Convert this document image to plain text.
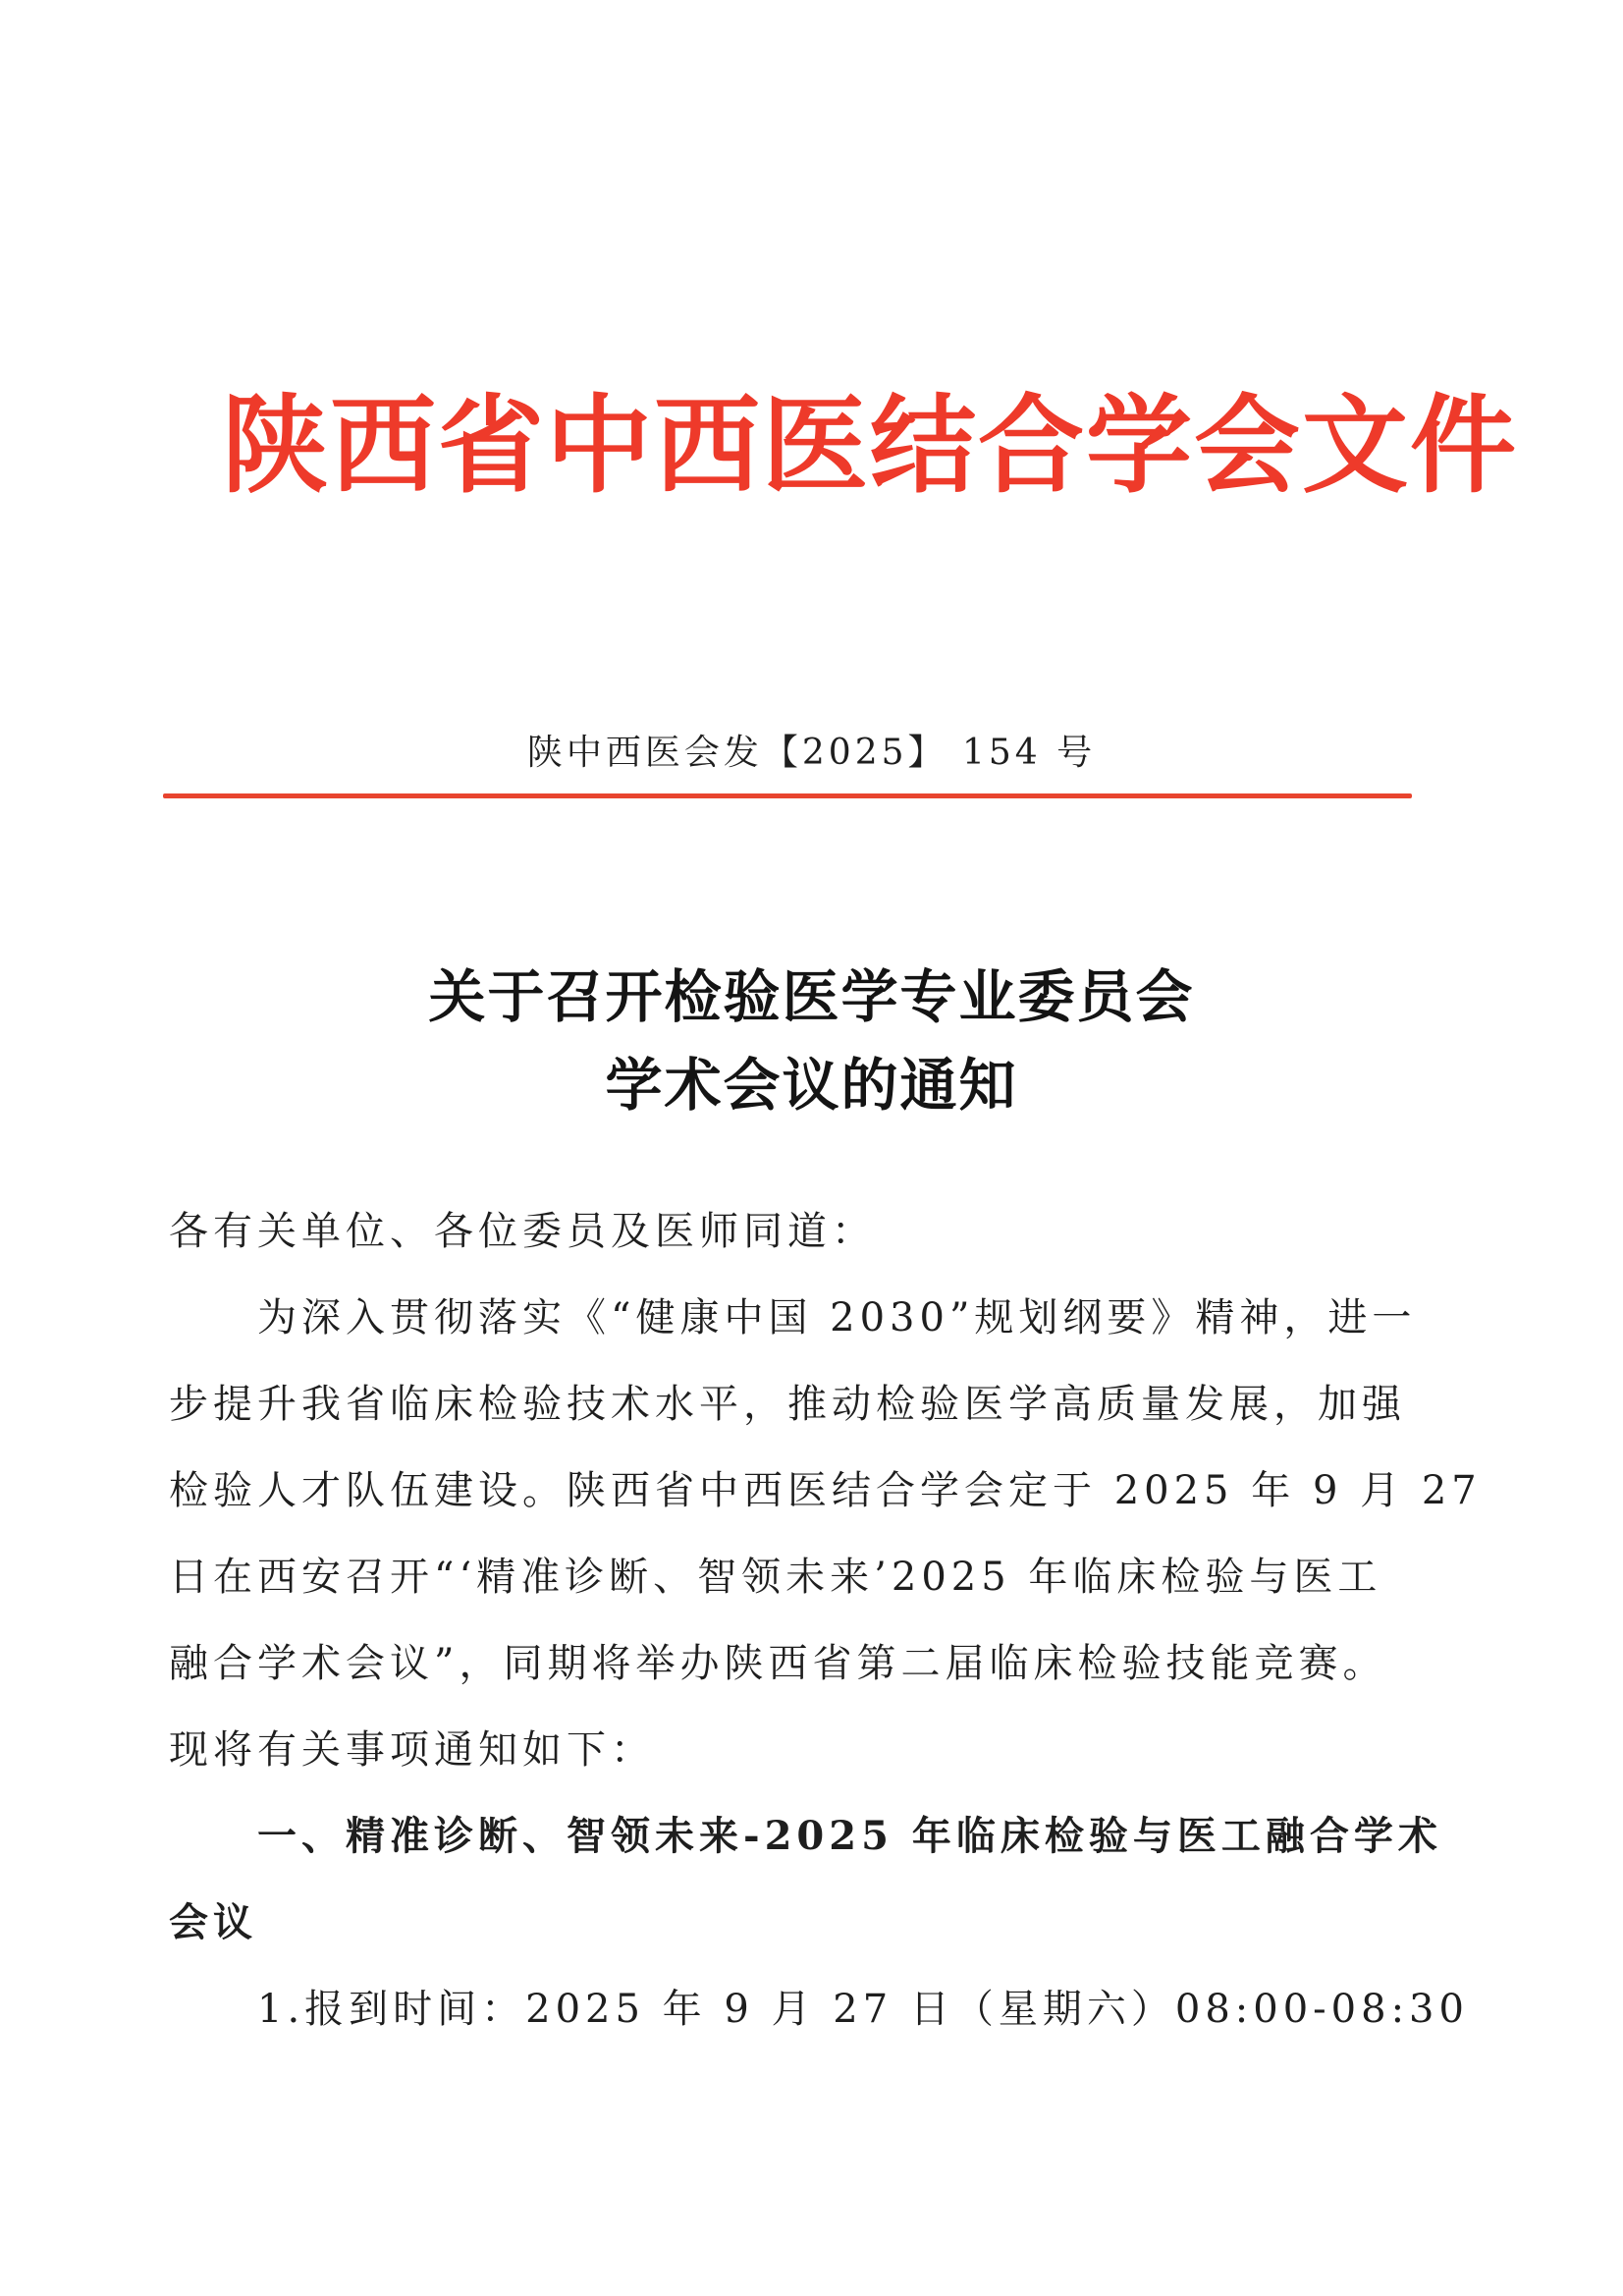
陕西省中西医结合学会文件
陕中西医会发【2025】 154 号
关于召开检验医学专业委员会
学术会议的通知
各有关单位、各位委员及医师同道：
为深入贯彻落实《“健康中国 2030”规划纲要》精神，进一
步提升我省临床检验技术水平，推动检验医学高质量发展，加强
检验人才队伍建设。陕西省中西医结合学会定于 2025 年 9 月 27
日在西安召开“‘精准诊断、智领未来’2025 年临床检验与医工
融合学术会议”，同期将举办陕西省第二届临床检验技能竞赛。
现将有关事项通知如下：
一、精准诊断、智领未来-2025 年临床检验与医工融合学术
会议
1.报到时间：2025 年 9 月 27 日（星期六）08:00-08:30
